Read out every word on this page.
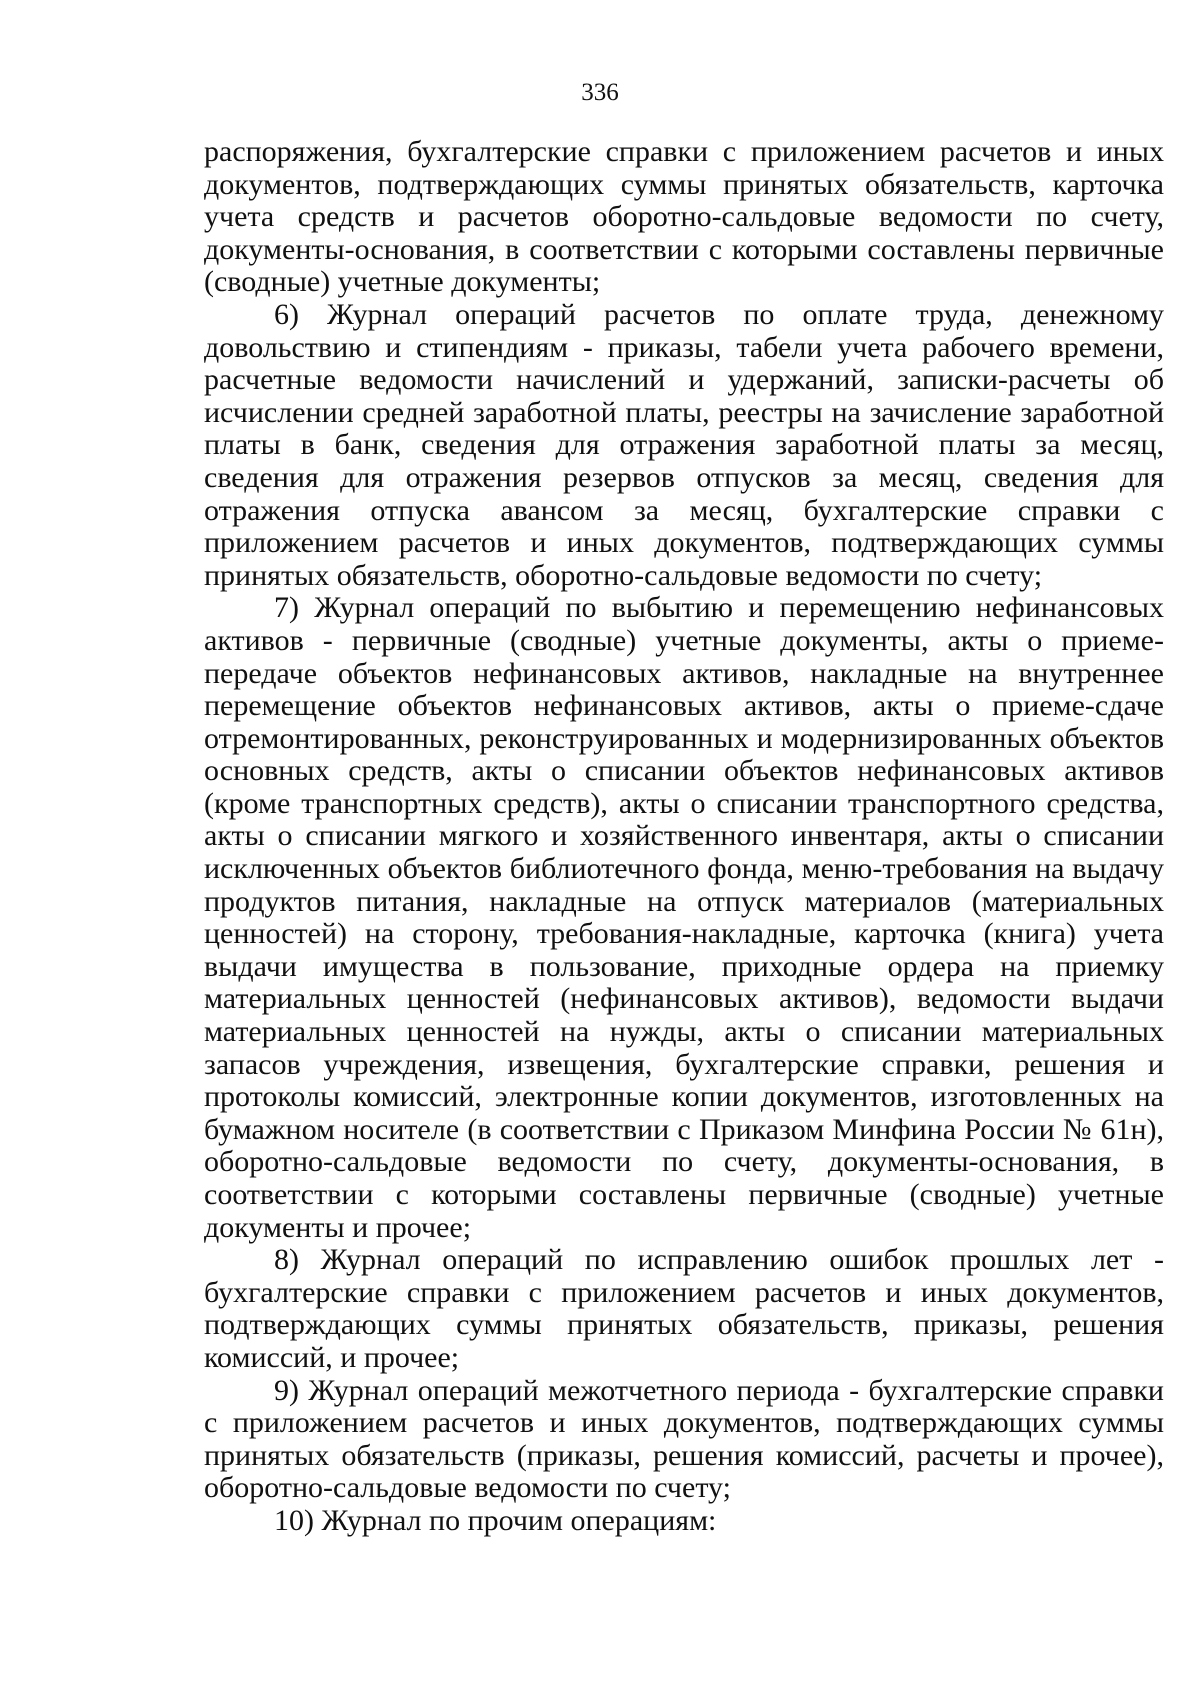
336

распоряжения, бухгалтерские справки с приложением расчетов и иных документов, подтверждающих суммы принятых обязательств, карточка учета средств и расчетов оборотно-сальдовые ведомости по счету, документы-основания, в соответствии с которыми составлены первичные (сводные) учетные документы;

6) Журнал операций расчетов по оплате труда, денежному довольствию и стипендиям - приказы, табели учета рабочего времени, расчетные ведомости начислений и удержаний, записки-расчеты об исчислении средней заработной платы, реестры на зачисление заработной платы в банк, сведения для отражения заработной платы за месяц, сведения для отражения резервов отпусков за месяц, сведения для отражения отпуска авансом за месяц, бухгалтерские справки с приложением расчетов и иных документов, подтверждающих суммы принятых обязательств, оборотно-сальдовые ведомости по счету;

7) Журнал операций по выбытию и перемещению нефинансовых активов - первичные (сводные) учетные документы, акты о приеме-передаче объектов нефинансовых активов, накладные на внутреннее перемещение объектов нефинансовых активов, акты о приеме-сдаче отремонтированных, реконструированных и модернизированных объектов основных средств, акты о списании объектов нефинансовых активов (кроме транспортных средств), акты о списании транспортного средства, акты о списании мягкого и хозяйственного инвентаря, акты о списании исключенных объектов библиотечного фонда, меню-требования на выдачу продуктов питания, накладные на отпуск материалов (материальных ценностей) на сторону, требования-накладные, карточка (книга) учета выдачи имущества в пользование, приходные ордера на приемку материальных ценностей (нефинансовых активов), ведомости выдачи материальных ценностей на нужды, акты о списании материальных запасов учреждения, извещения, бухгалтерские справки, решения и протоколы комиссий, электронные копии документов, изготовленных на бумажном носителе (в соответствии с Приказом Минфина России № 61н), оборотно-сальдовые ведомости по счету, документы-основания, в соответствии с которыми составлены первичные (сводные) учетные документы и прочее;

8) Журнал операций по исправлению ошибок прошлых лет - бухгалтерские справки с приложением расчетов и иных документов, подтверждающих суммы принятых обязательств, приказы, решения комиссий, и прочее;

9) Журнал операций межотчетного периода - бухгалтерские справки с приложением расчетов и иных документов, подтверждающих суммы принятых обязательств (приказы, решения комиссий, расчеты и прочее), оборотно-сальдовые ведомости по счету;

10) Журнал по прочим операциям:
